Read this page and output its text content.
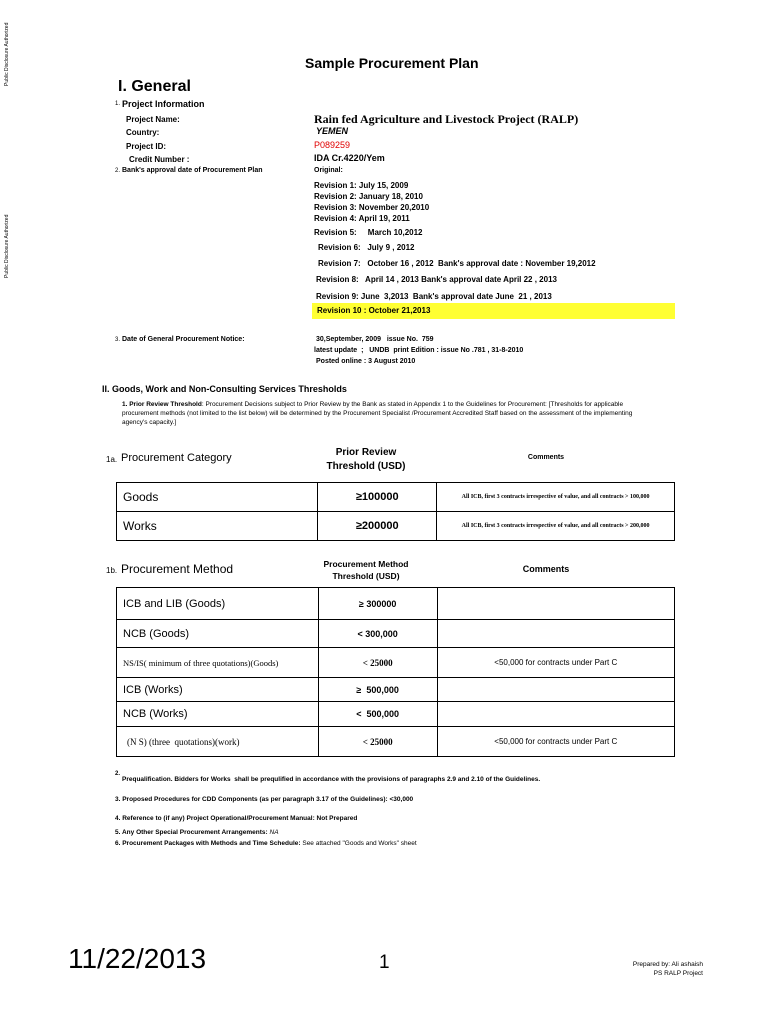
Public Disclosure Authorized
Public Disclosure Authorized
Sample Procurement Plan
I. General
1. Project Information
Project Name:	Rain fed Agriculture and Livestock Project (RALP)
Country:	YEMEN
Project ID:	P089259
Credit Number :	IDA Cr.4220/Yem
2. Bank's approval date of Procurement Plan	Original:
Revision 1: July 15, 2009
Revision 2: January 18, 2010
Revision 3: November 20,2010
Revision 4: April 19, 2011
Revision 5:     March 10,2012
Revision 6:   July 9 , 2012
Revision 7:   October 16 , 2012  Bank's approval date : November 19,2012
Revision 8:   April 14 , 2013 Bank's approval date April 22 , 2013
Revision 9: June  3,2013  Bank's approval date June  21 , 2013
Revision 10 : October 21,2013
3. Date of General Procurement Notice:	30,September, 2009   issue No.  759
latest update  ;   UNDB  print Edition : issue No .781 , 31-8-2010
Posted online : 3 August 2010
II. Goods, Work and Non-Consulting Services Thresholds
1. Prior Review Threshold: Procurement Decisions subject to Prior Review by the Bank as stated in Appendix 1 to the Guidelines for Procurement: [Thresholds for applicable
procurement methods (not limited to the list below) will be determined by the Procurement Specialist /Procurement Accredited Staff based on the assessment of the implementing
agency's capacity.]
1a. Procurement Category	Prior Review
Threshold (USD)
Comments
Goods	≥100000	All ICB, first 3 contracts irrespective of value, and all contracts > 100,000
Works	≥200000	All ICB, first 3 contracts irrespective of value, and all contracts > 200,000
1b. Procurement Method	Procurement Method
Threshold (USD)
Comments
ICB and LIB (Goods)	≥ 300000	
NCB (Goods)	< 300,000	
NS/IS( minimum of three quotations)(Goods)	< 25000	<50,000 for contracts under Part C
ICB (Works)	≥  500,000	
NCB (Works)	<  500,000	
(N S) (three  quotations)(work)	< 25000	<50,000 for contracts under Part C
2.
Prequalification. Bidders for Works  shall be prequlified in accordance with the provisions of paragraphs 2.9 and 2.10 of the Guidelines.
3. Proposed Procedures for CDD Components (as per paragraph 3.17 of the Guidelines): <30,000
4. Reference to (if any) Project Operational/Procurement Manual: Not Prepared
5. Any Other Special Procurement Arrangements: NA
6. Procurement Packages with Methods and Time Schedule: See attached "Goods and Works" sheet
11/22/2013	1	Prepared by: Ali ashaish
PS RALP Project
